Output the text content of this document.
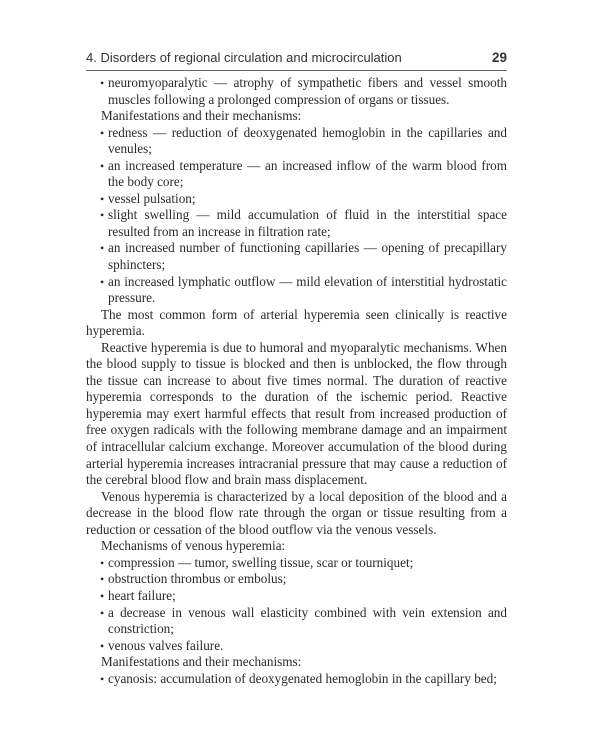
4. Disorders of regional circulation and microcirculation	29
• neuromyoparalytic — atrophy of sympathetic fibers and vessel smooth muscles following a prolonged compression of organs or tissues.

Manifestations and their mechanisms:

• redness — reduction of deoxygenated hemoglobin in the capillaries and venules;
• an increased temperature — an increased inflow of the warm blood from the body core;
• vessel pulsation;
• slight swelling — mild accumulation of fluid in the interstitial space resulted from an increase in filtration rate;
• an increased number of functioning capillaries — opening of precapillary sphincters;
• an increased lymphatic outflow — mild elevation of interstitial hydrostatic pressure.

The most common form of arterial hyperemia seen clinically is reactive hyperemia.

Reactive hyperemia is due to humoral and myoparalytic mechanisms. When the blood supply to tissue is blocked and then is unblocked, the flow through the tissue can increase to about five times normal. The duration of reactive hyperemia corresponds to the duration of the ischemic period. Reactive hyperemia may exert harmful effects that result from increased production of free oxygen radicals with the following membrane damage and an impairment of intracellular calcium exchange. Moreover accumulation of the blood during arterial hyperemia increases intracranial pressure that may cause a reduction of the cerebral blood flow and brain mass displacement.

Venous hyperemia is characterized by a local deposition of the blood and a decrease in the blood flow rate through the organ or tissue resulting from a reduction or cessation of the blood outflow via the venous vessels.

Mechanisms of venous hyperemia:

• compression — tumor, swelling tissue, scar or tourniquet;
• obstruction thrombus or embolus;
• heart failure;
• a decrease in venous wall elasticity combined with vein extension and constriction;
• venous valves failure.

Manifestations and their mechanisms:

• cyanosis: accumulation of deoxygenated hemoglobin in the capillary bed;
